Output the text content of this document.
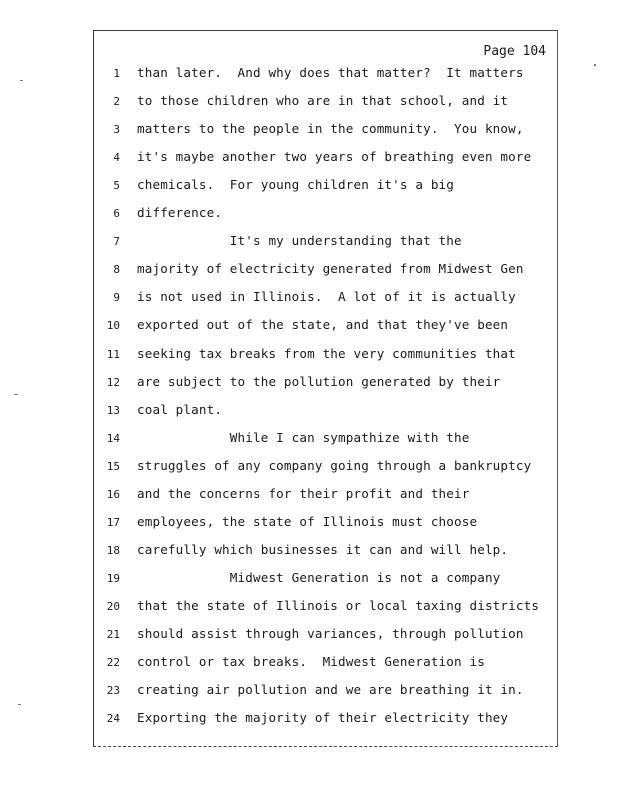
Page 104
1 than later.  And why does that matter?  It matters
2 to those children who are in that school, and it
3 matters to the people in the community.  You know,
4 it's maybe another two years of breathing even more
5 chemicals.  For young children it's a big
6 difference.
7 It's my understanding that the
8 majority of electricity generated from Midwest Gen
9 is not used in Illinois.  A lot of it is actually
10 exported out of the state, and that they've been
11 seeking tax breaks from the very communities that
12 are subject to the pollution generated by their
13 coal plant.
14 While I can sympathize with the
15 struggles of any company going through a bankruptcy
16 and the concerns for their profit and their
17 employees, the state of Illinois must choose
18 carefully which businesses it can and will help.
19 Midwest Generation is not a company
20 that the state of Illinois or local taxing districts
21 should assist through variances, through pollution
22 control or tax breaks.  Midwest Generation is
23 creating air pollution and we are breathing it in.
24 Exporting the majority of their electricity they
